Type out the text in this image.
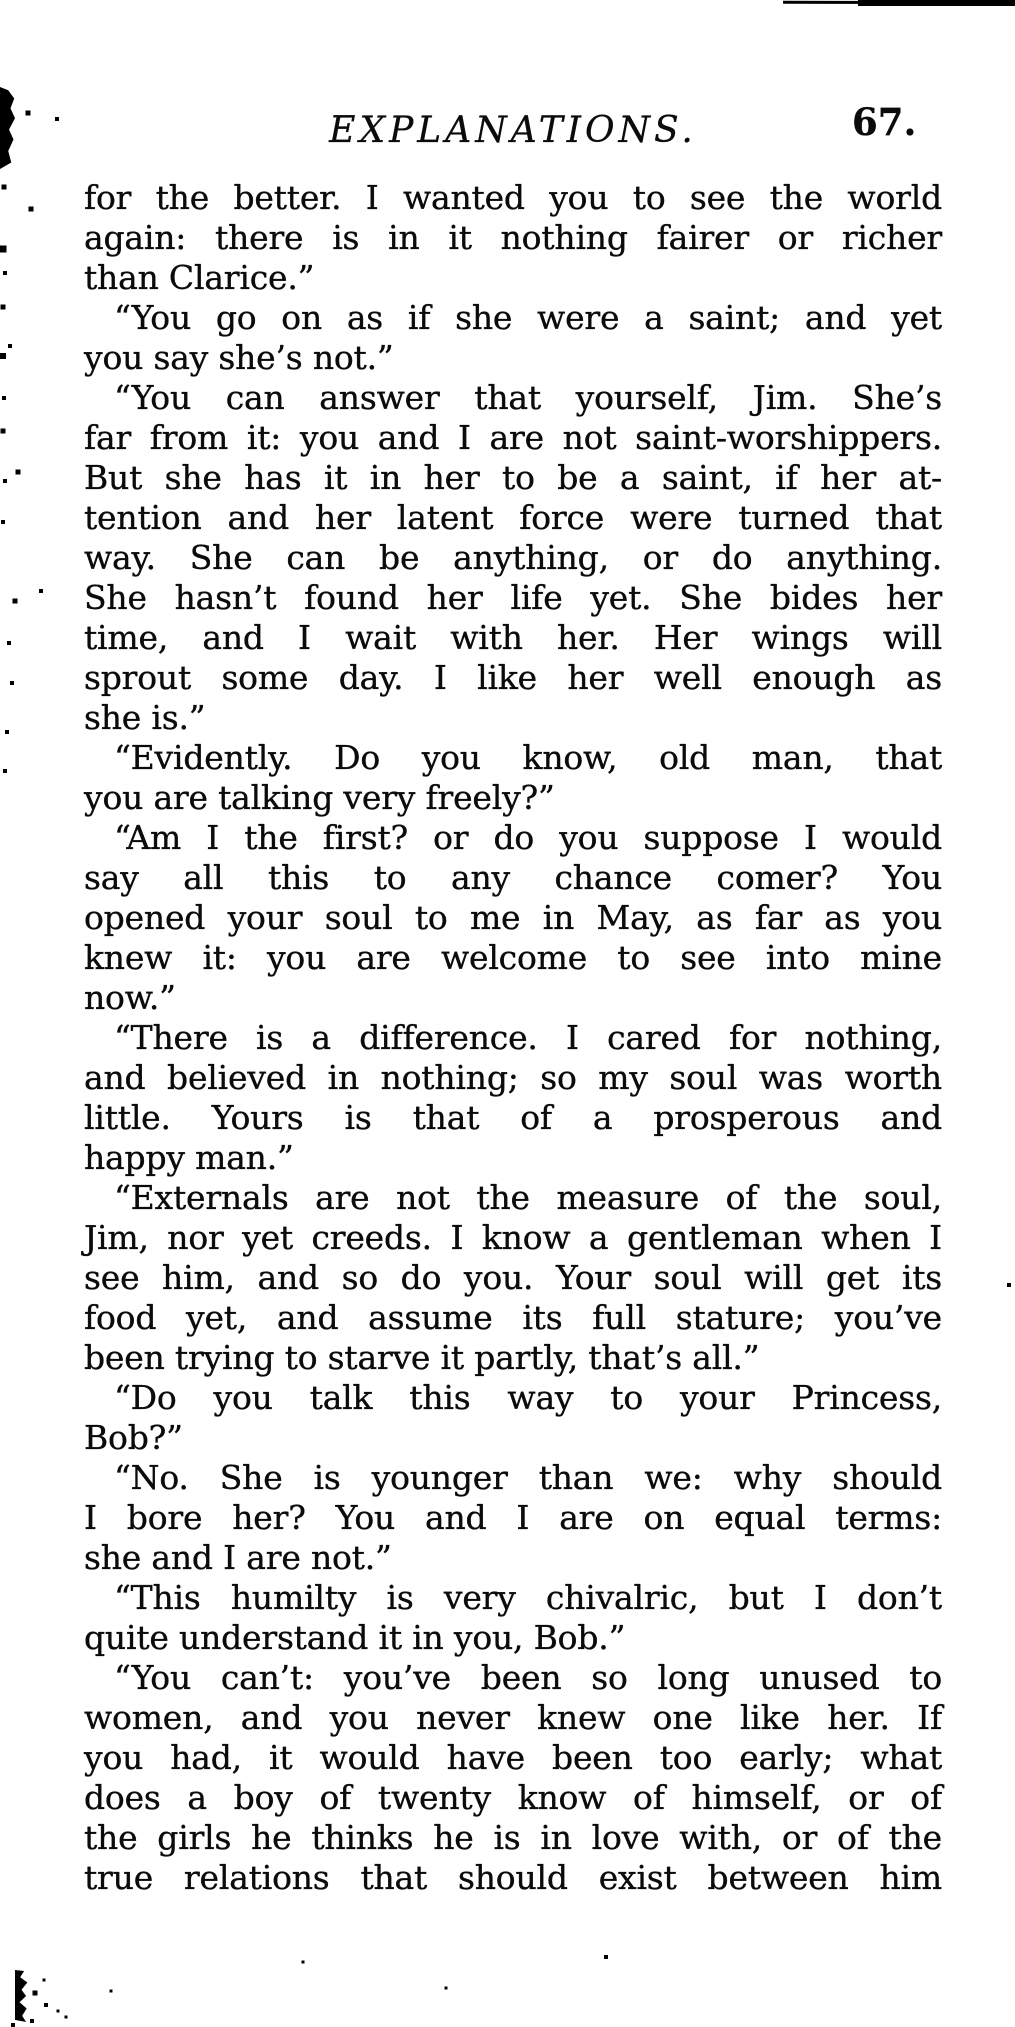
EXPLANATIONS.	67.
for the better. I wanted you to see the world
again: there is in it nothing fairer or richer
than Clarice.”
“You go on as if she were a saint; and yet
you say she’s not.”
“You can answer that yourself, Jim. She’s
far from it: you and I are not saint-worshippers.
But she has it in her to be a saint, if her at-
tention and her latent force were turned that
way. She can be anything, or do anything.
She hasn’t found her life yet. She bides her
time, and I wait with her. Her wings will
sprout some day. I like her well enough as
she is.”
“Evidently. Do you know, old man, that
you are talking very freely?”
“Am I the first? or do you suppose I would
say all this to any chance comer? You
opened your soul to me in May, as far as you
knew it: you are welcome to see into mine
now.”
“There is a difference. I cared for nothing,
and believed in nothing; so my soul was worth
little. Yours is that of a prosperous and
happy man.”
“Externals are not the measure of the soul,
Jim, nor yet creeds. I know a gentleman when I
see him, and so do you. Your soul will get its
food yet, and assume its full stature; you’ve
been trying to starve it partly, that’s all.”
“Do you talk this way to your Princess,
Bob?”
“No. She is younger than we: why should
I bore her? You and I are on equal terms:
she and I are not.”
“This humilty is very chivalric, but I don’t
quite understand it in you, Bob.”
“You can’t: you’ve been so long unused to
women, and you never knew one like her. If
you had, it would have been too early; what
does a boy of twenty know of himself, or of
the girls he thinks he is in love with, or of the
true relations that should exist between him
